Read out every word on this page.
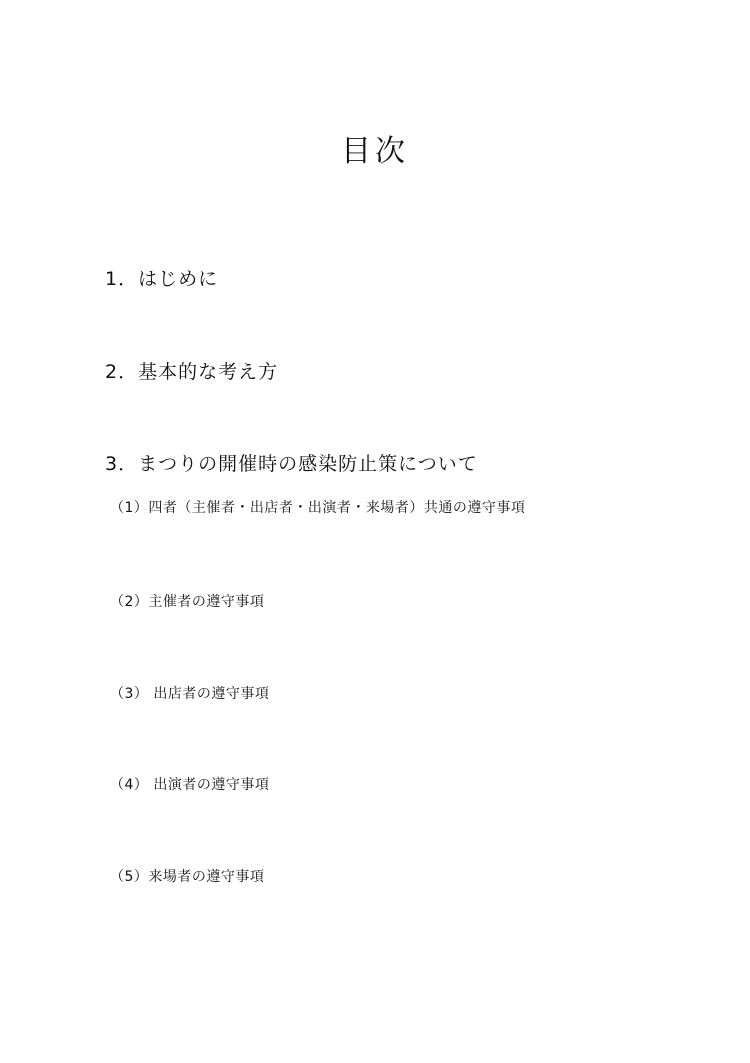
目次
1．はじめに
2．基本的な考え方
3．まつりの開催時の感染防止策について
（1）四者（主催者・出店者・出演者・来場者）共通の遵守事項
（2）主催者の遵守事項
（3） 出店者の遵守事項
（4） 出演者の遵守事項
（5）来場者の遵守事項
